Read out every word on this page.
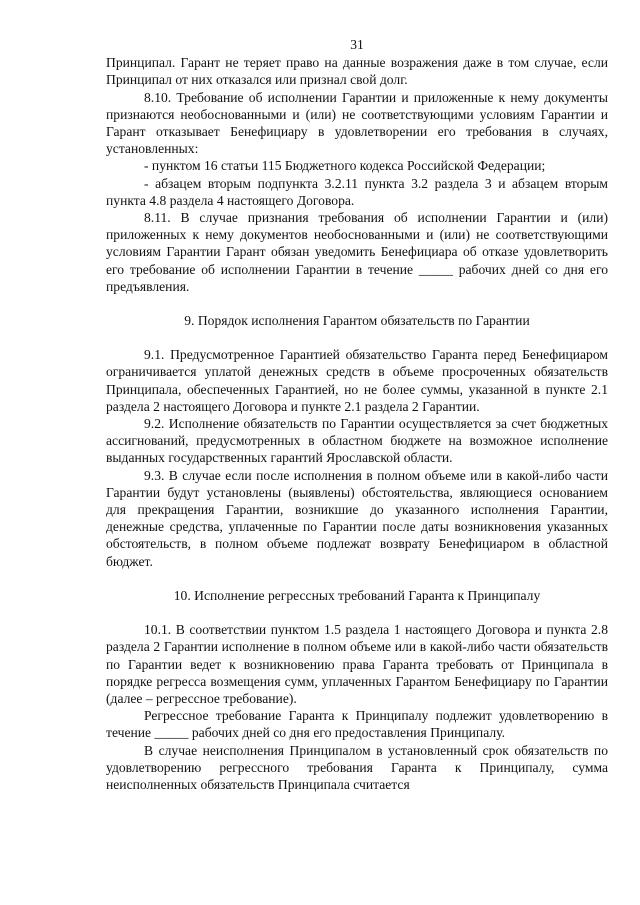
31

Принципал. Гарант не теряет право на данные возражения даже в том случае, если Принципал от них отказался или признал свой долг.

8.10. Требование об исполнении Гарантии и приложенные к нему документы признаются необоснованными и (или) не соответствующими условиям Гарантии и Гарант отказывает Бенефициару в удовлетворении его требования в случаях, установленных:

- пунктом 16 статьи 115 Бюджетного кодекса Российской Федерации;

- абзацем вторым подпункта 3.2.11 пункта 3.2 раздела 3 и абзацем вторым пункта 4.8 раздела 4 настоящего Договора.

8.11. В случае признания требования об исполнении Гарантии и (или) приложенных к нему документов необоснованными и (или) не соответствующими условиям Гарантии Гарант обязан уведомить Бенефициара об отказе удовлетворить его требование об исполнении Гарантии в течение _____ рабочих дней со дня его предъявления.

9. Порядок исполнения Гарантом обязательств по Гарантии

9.1. Предусмотренное Гарантией обязательство Гаранта перед Бенефициаром ограничивается уплатой денежных средств в объеме просроченных обязательств Принципала, обеспеченных Гарантией, но не более суммы, указанной в пункте 2.1 раздела 2 настоящего Договора и пункте 2.1 раздела 2 Гарантии.

9.2. Исполнение обязательств по Гарантии осуществляется за счет бюджетных ассигнований, предусмотренных в областном бюджете на возможное исполнение выданных государственных гарантий Ярославской области.

9.3. В случае если после исполнения в полном объеме или в какой-либо части Гарантии будут установлены (выявлены) обстоятельства, являющиеся основанием для прекращения Гарантии, возникшие до указанного исполнения Гарантии, денежные средства, уплаченные по Гарантии после даты возникновения указанных обстоятельств, в полном объеме подлежат возврату Бенефициаром в областной бюджет.

10. Исполнение регрессных требований Гаранта к Принципалу

10.1. В соответствии пунктом 1.5 раздела 1 настоящего Договора и пункта 2.8 раздела 2 Гарантии исполнение в полном объеме или в какой-либо части обязательств по Гарантии ведет к возникновению права Гаранта требовать от Принципала в порядке регресса возмещения сумм, уплаченных Гарантом Бенефициару по Гарантии (далее – регрессное требование).

Регрессное требование Гаранта к Принципалу подлежит удовлетворению в течение _____ рабочих дней со дня его предоставления Принципалу.

В случае неисполнения Принципалом в установленный срок обязательств по удовлетворению регрессного требования Гаранта к Принципалу, сумма неисполненных обязательств Принципала считается
